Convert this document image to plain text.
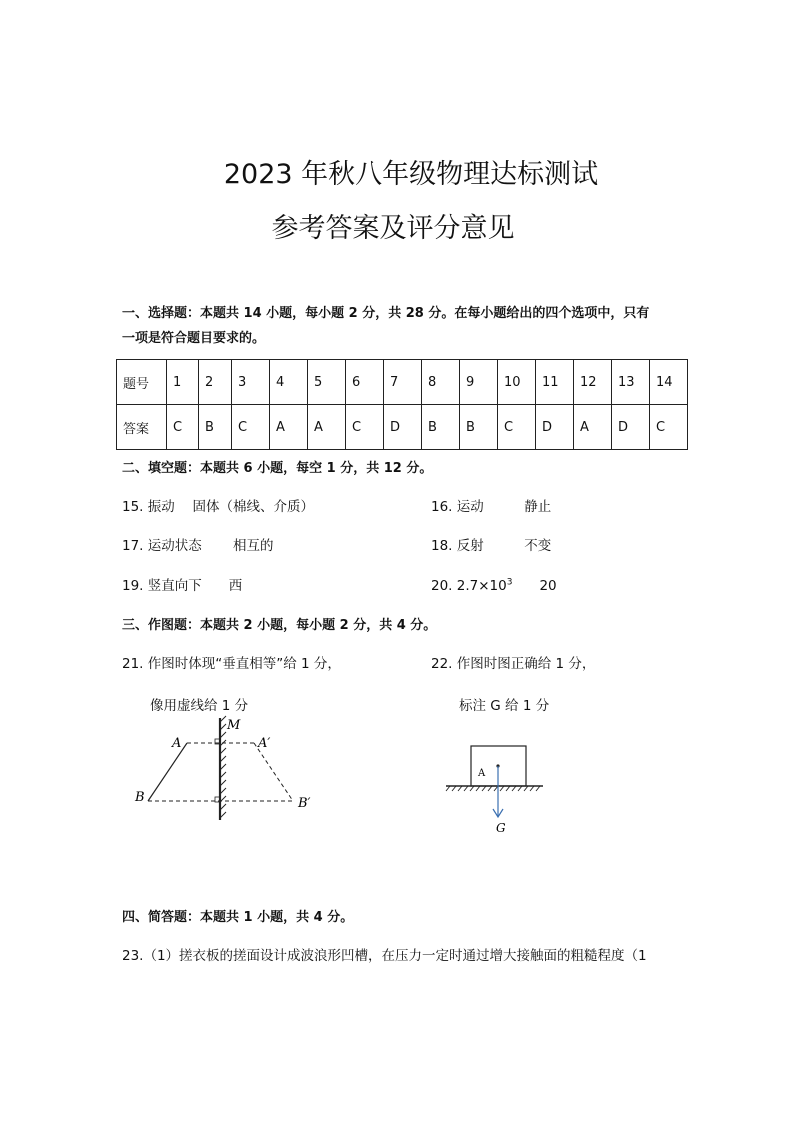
2023 年秋八年级物理达标测试
参考答案及评分意见
一、选择题：本题共 14 小题，每小题 2 分，共 28 分。在每小题给出的四个选项中，只有
一项是符合题目要求的。
题号	1	2	3	4	5	6	7	8	9	10	11	12	13	14
答案	C	B	C	A	A	C	D	B	B	C	D	A	D	C
二、填空题：本题共 6 小题，每空 1 分，共 12 分。
15. 振动　 固体（棉线、介质）	16. 运动　　　静止
17. 运动状态　　 相互的	18. 反射　　　不变
19. 竖直向下　　西	20. $2.7\times 10^3$　　20
三、作图题：本题共 2 小题，每小题 2 分，共 4 分。
21. 作图时体现“垂直相等”给 1 分，	22. 作图时图正确给 1 分，
像用虚线给 1 分	标注 G 给 1 分
M
A	A′
B	B′
A
G
四、简答题：本题共 1 小题，共 4 分。
23.（1）搓衣板的搓面设计成波浪形凹槽，在压力一定时通过增大接触面的粗糙程度（1
